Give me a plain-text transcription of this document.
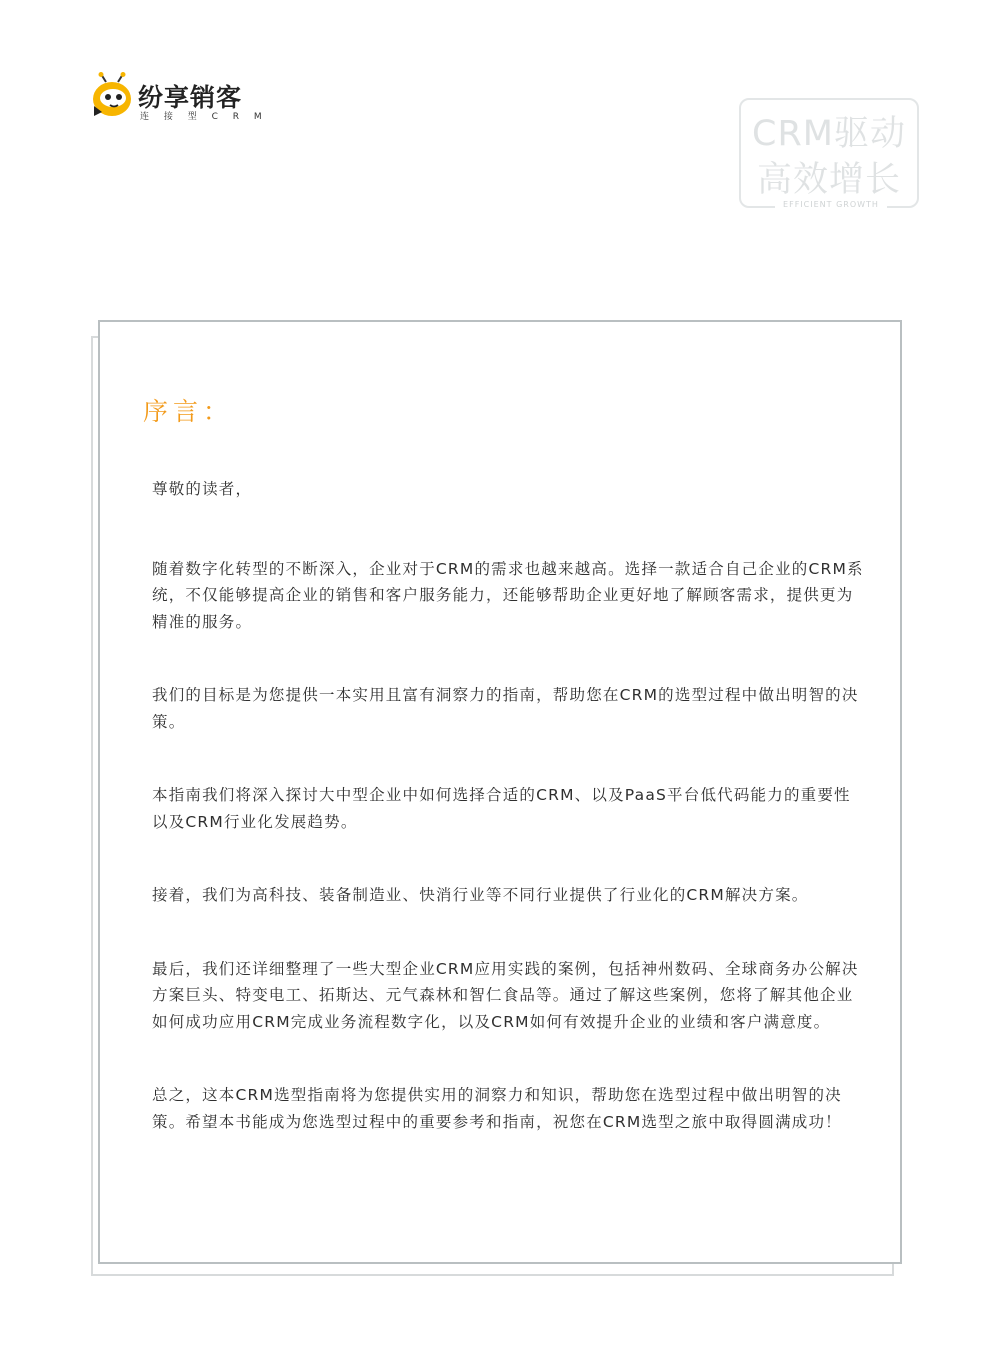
纷享销客
连 接 型 C R M	CRM驱动
高效增长
EFFICIENT GROWTH
序言：

尊敬的读者，

随着数字化转型的不断深入，企业对于CRM的需求也越来越高。选择一款适合自己企业的CRM系统，不仅能够提高企业的销售和客户服务能力，还能够帮助企业更好地了解顾客需求，提供更为精准的服务。

我们的目标是为您提供一本实用且富有洞察力的指南，帮助您在CRM的选型过程中做出明智的决策。

本指南我们将深入探讨大中型企业中如何选择合适的CRM、以及PaaS平台低代码能力的重要性以及CRM行业化发展趋势。

接着，我们为高科技、装备制造业、快消行业等不同行业提供了行业化的CRM解决方案。

最后，我们还详细整理了一些大型企业CRM应用实践的案例，包括神州数码、全球商务办公解决方案巨头、特变电工、拓斯达、元气森林和智仁食品等。通过了解这些案例，您将了解其他企业如何成功应用CRM完成业务流程数字化，以及CRM如何有效提升企业的业绩和客户满意度。

总之，这本CRM选型指南将为您提供实用的洞察力和知识，帮助您在选型过程中做出明智的决策。希望本书能成为您选型过程中的重要参考和指南，祝您在CRM选型之旅中取得圆满成功！
